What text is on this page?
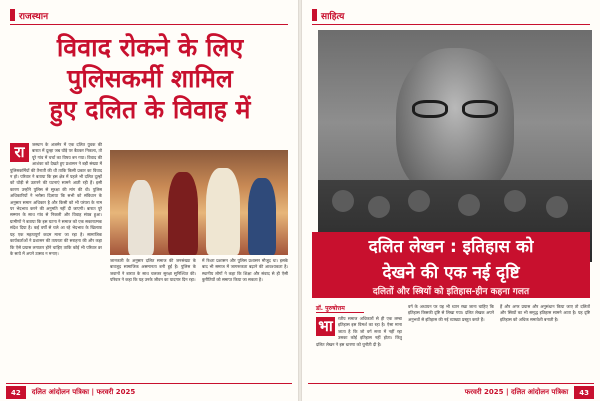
राजस्थान
विवाद रोकने के लिए
पुलिसकर्मी शामिल
हुए दलित के विवाह में
रा	जस्थान के अजमेर में एक दलित युवक की बारात में दूल्हा जब घोड़े पर बैठकर निकला, तो पूरे गांव में चर्चा का विषय बन गया। विवाद की आशंका को देखते हुए प्रशासन ने बड़ी संख्या में पुलिसकर्मियों की तैनाती की थी ताकि किसी प्रकार का विवाद न हो। परिवार ने बताया कि इस क्षेत्र में पहले भी दलित दूल्हों को घोड़ी से उतारने की घटनाएं सामने आती रही हैं। इसी कारण उन्होंने पुलिस से सुरक्षा की मांग की थी। पुलिस अधिकारियों ने भरोसा दिलाया कि सभी को संविधान के अनुसार समान अधिकार है और किसी को भी परंपरा के नाम पर भेदभाव करने की अनुमति नहीं दी जाएगी। बारात पूरे सम्मान के साथ गांव से निकली और विवाह संपन्न हुआ। ग्रामीणों ने बताया कि इस घटना ने समाज को एक सकारात्मक संदेश दिया है। कई वर्षों से चले आ रहे भेदभाव के खिलाफ यह एक महत्वपूर्ण कदम माना जा रहा है। सामाजिक कार्यकर्ताओं ने प्रशासन की तत्परता की सराहना की और कहा कि ऐसे प्रयास लगातार होने चाहिए ताकि कोई भी परिवार डर के साये में अपने उत्सव न मनाए।
जानकारी के अनुसार दलित समाज की जनसंख्या के बावजूद सामाजिक असमानता बनी हुई है। पुलिस के जवानों ने बारात के साथ चलकर सुरक्षा सुनिश्चित की। परिवार ने कहा कि यह उनके जीवन का यादगार दिन रहा।
में रिश्ता प्रशासन और पुलिस प्रशासन मौजूद था। इसके बाद भी समाज में जागरूकता बढ़ाने की आवश्यकता है। स्थानीय लोगों ने कहा कि शिक्षा और संवाद से ही ऐसी कुरीतियों को समाप्त किया जा सकता है।
42	दलित आंदोलन पत्रिका | फरवरी 2025
साहित्य
दलित लेखन : इतिहास को
देखने की एक नई दृष्टि
दलितों और स्त्रियों को इतिहास-हीन कहना गलत
डॉ. पुरुषोत्तम
भा	रतीय समाज अधिकारों से ही एक लम्बा इतिहास इस विमर्श का रहा है। ऐसा माना जाता है कि जो वर्ग सत्ता में नहीं रहा उसका कोई इतिहास नहीं होता। किंतु दलित लेखन ने इस धारणा को चुनौती दी है।
वर्ग के अध्ययन पर यह भी ध्यान रखा जाना चाहिए कि इतिहास किसकी दृष्टि से लिखा गया। दलित लेखक अपने अनुभवों से इतिहास की नई व्याख्या प्रस्तुत करते हैं।
हैं और अगर प्रयास और अनुसंधान किया जाए तो दलितों और स्त्रियों का भी समृद्ध इतिहास सामने आता है। यह दृष्टि इतिहास को अधिक समावेशी बनाती है।
फरवरी 2025 | दलित आंदोलन पत्रिका	43
